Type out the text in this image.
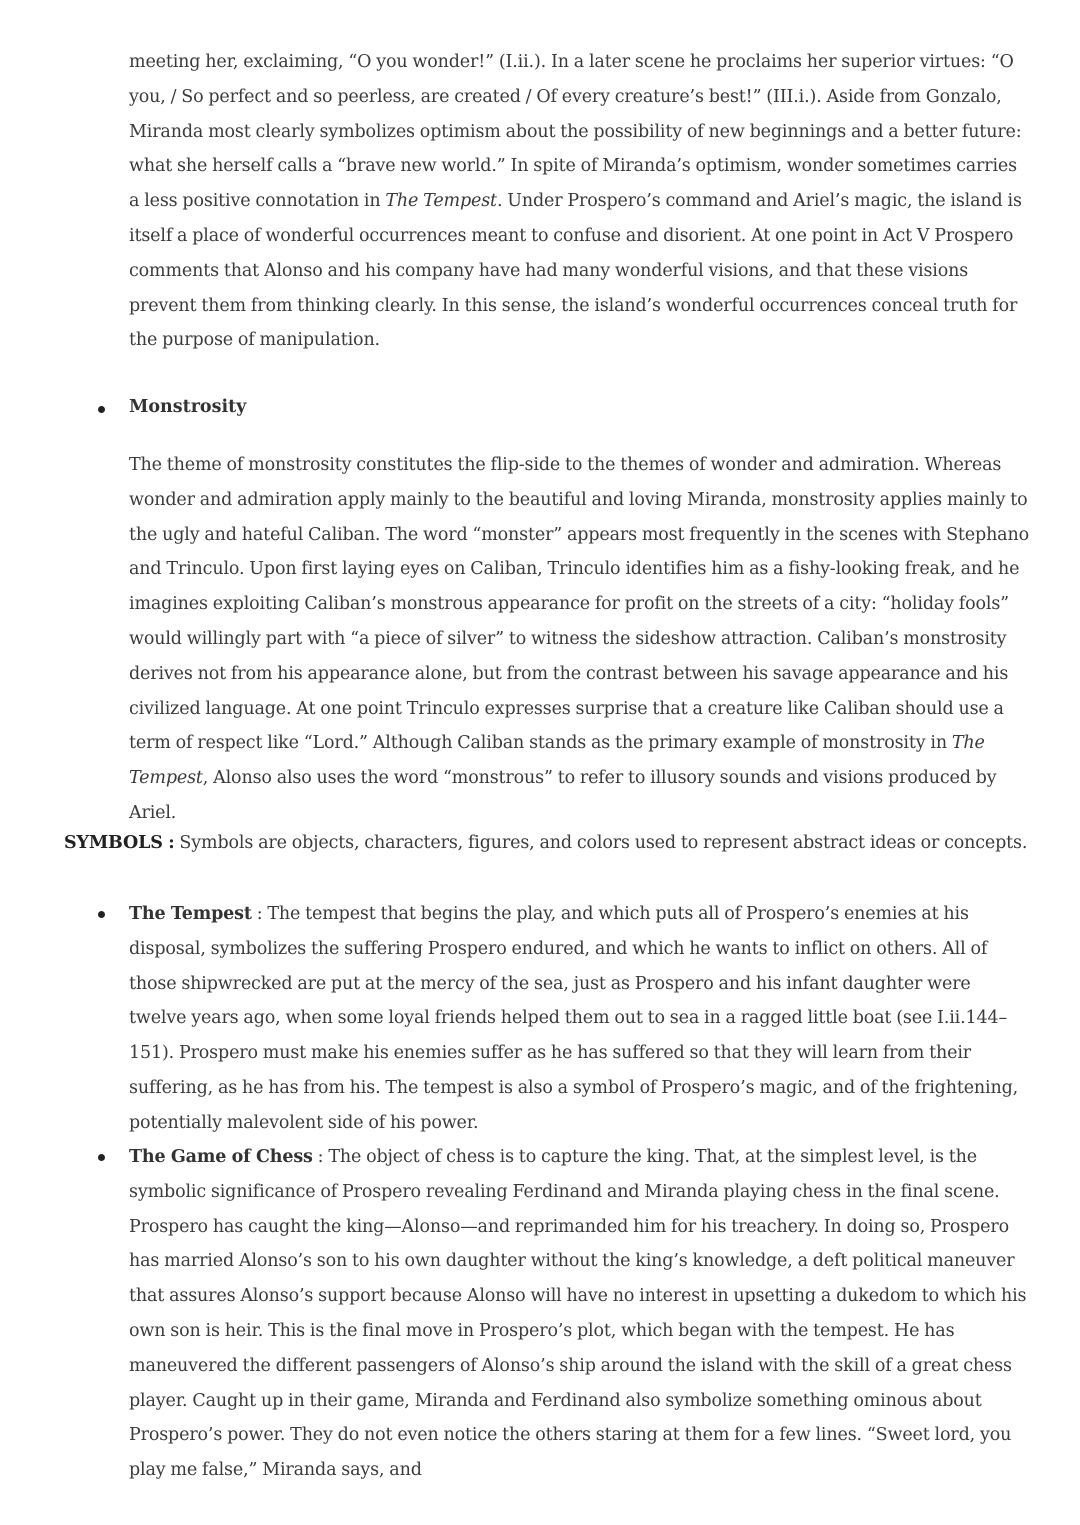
meeting her, exclaiming, “O you wonder!” (I.ii.). In a later scene he proclaims her superior virtues: “O you, / So perfect and so peerless, are created / Of every creature’s best!” (III.i.). Aside from Gonzalo, Miranda most clearly symbolizes optimism about the possibility of new beginnings and a better future: what she herself calls a “brave new world.” In spite of Miranda’s optimism, wonder sometimes carries a less positive connotation in The Tempest. Under Prospero’s command and Ariel’s magic, the island is itself a place of wonderful occurrences meant to confuse and disorient. At one point in Act V Prospero comments that Alonso and his company have had many wonderful visions, and that these visions prevent them from thinking clearly. In this sense, the island’s wonderful occurrences conceal truth for the purpose of manipulation.

Monstrosity

The theme of monstrosity constitutes the flip-side to the themes of wonder and admiration. Whereas wonder and admiration apply mainly to the beautiful and loving Miranda, monstrosity applies mainly to the ugly and hateful Caliban. The word “monster” appears most frequently in the scenes with Stephano and Trinculo. Upon first laying eyes on Caliban, Trinculo identifies him as a fishy-looking freak, and he imagines exploiting Caliban’s monstrous appearance for profit on the streets of a city: “holiday fools” would willingly part with “a piece of silver” to witness the sideshow attraction. Caliban’s monstrosity derives not from his appearance alone, but from the contrast between his savage appearance and his civilized language. At one point Trinculo expresses surprise that a creature like Caliban should use a term of respect like “Lord.” Although Caliban stands as the primary example of monstrosity in The Tempest, Alonso also uses the word “monstrous” to refer to illusory sounds and visions produced by Ariel.

SYMBOLS : Symbols are objects, characters, figures, and colors used to represent abstract ideas or concepts.

The Tempest : The tempest that begins the play, and which puts all of Prospero’s enemies at his disposal, symbolizes the suffering Prospero endured, and which he wants to inflict on others. All of those shipwrecked are put at the mercy of the sea, just as Prospero and his infant daughter were twelve years ago, when some loyal friends helped them out to sea in a ragged little boat (see I.ii.144–151). Prospero must make his enemies suffer as he has suffered so that they will learn from their suffering, as he has from his. The tempest is also a symbol of Prospero’s magic, and of the frightening, potentially malevolent side of his power.

The Game of Chess : The object of chess is to capture the king. That, at the simplest level, is the symbolic significance of Prospero revealing Ferdinand and Miranda playing chess in the final scene. Prospero has caught the king—Alonso—and reprimanded him for his treachery. In doing so, Prospero has married Alonso’s son to his own daughter without the king’s knowledge, a deft political maneuver that assures Alonso’s support because Alonso will have no interest in upsetting a dukedom to which his own son is heir. This is the final move in Prospero’s plot, which began with the tempest. He has maneuvered the different passengers of Alonso’s ship around the island with the skill of a great chess player. Caught up in their game, Miranda and Ferdinand also symbolize something ominous about Prospero’s power. They do not even notice the others staring at them for a few lines. “Sweet lord, you play me false,” Miranda says, and
